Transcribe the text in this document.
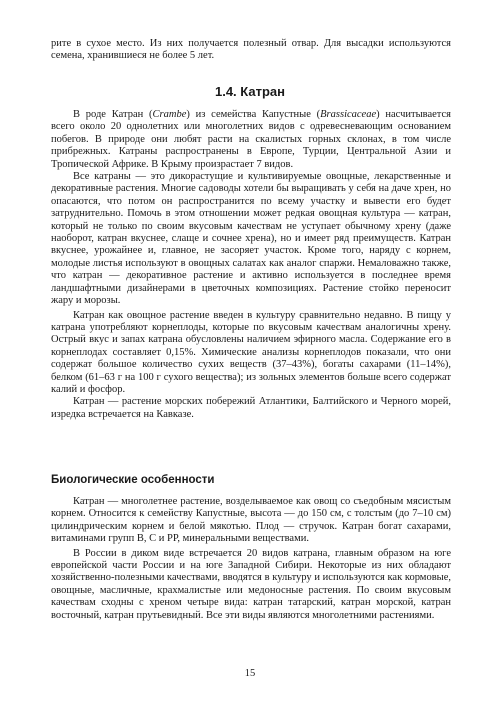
рите в сухое место. Из них получается полезный отвар. Для высадки используются семена, хранившиеся не более 5 лет.

1.4. Катран

В роде Катран (Crambe) из семейства Капустные (Brassicaceae) насчитывается всего около 20 однолетних или многолетних видов с одревесневающим основанием побегов. В природе они любят расти на скалистых горных склонах, в том числе прибрежных. Катраны распространены в Европе, Турции, Центральной Азии и Тропической Африке. В Крыму произрастает 7 видов.

Все катраны — это дикорастущие и культивируемые овощные, лекарственные и декоративные растения. Многие садоводы хотели бы выращивать у себя на даче хрен, но опасаются, что потом он распространится по всему участку и вывести его будет затруднительно. Помочь в этом отношении может редкая овощная культура — катран, который не только по своим вкусовым качествам не уступает обычному хрену (даже наоборот, катран вкуснее, слаще и сочнее хрена), но и имеет ряд преимуществ. Катран вкуснее, урожайнее и, главное, не засоряет участок. Кроме того, наряду с корнем, молодые листья используют в овощных салатах как аналог спаржи. Немаловажно также, что катран — декоративное растение и активно используется в последнее время ландшафтными дизайнерами в цветочных композициях. Растение стойко переносит жару и морозы.

Катран как овощное растение введен в культуру сравнительно недавно. В пищу у катрана употребляют корнеплоды, которые по вкусовым качествам аналогичны хрену. Острый вкус и запах катрана обусловлены наличием эфирного масла. Содержание его в корнеплодах составляет 0,15%. Химические анализы корнеплодов показали, что они содержат большое количество сухих веществ (37–43%), богаты сахарами (11–14%), белком (61–63 г на 100 г сухого вещества); из зольных элементов больше всего содержат калий и фосфор.

Катран — растение морских побережий Атлантики, Балтийского и Черного морей, изредка встречается на Кавказе.

Биологические особенности

Катран — многолетнее растение, возделываемое как овощ со съедобным мясистым корнем. Относится к семейству Капустные, высота — до 150 см, с толстым (до 7–10 см) цилиндрическим корнем и белой мякотью. Плод — стручок. Катран богат сахарами, витаминами групп В, С и РР, минеральными веществами.

В России в диком виде встречается 20 видов катрана, главным образом на юге европейской части России и на юге Западной Сибири. Некоторые из них обладают хозяйственно-полезными качествами, вводятся в культуру и используются как кормовые, овощные, масличные, крахмалистые или медоносные растения. По своим вкусовым качествам сходны с хреном четыре вида: катран татарский, катран морской, катран восточный, катран прутьевидный. Все эти виды являются многолетними растениями.

15
